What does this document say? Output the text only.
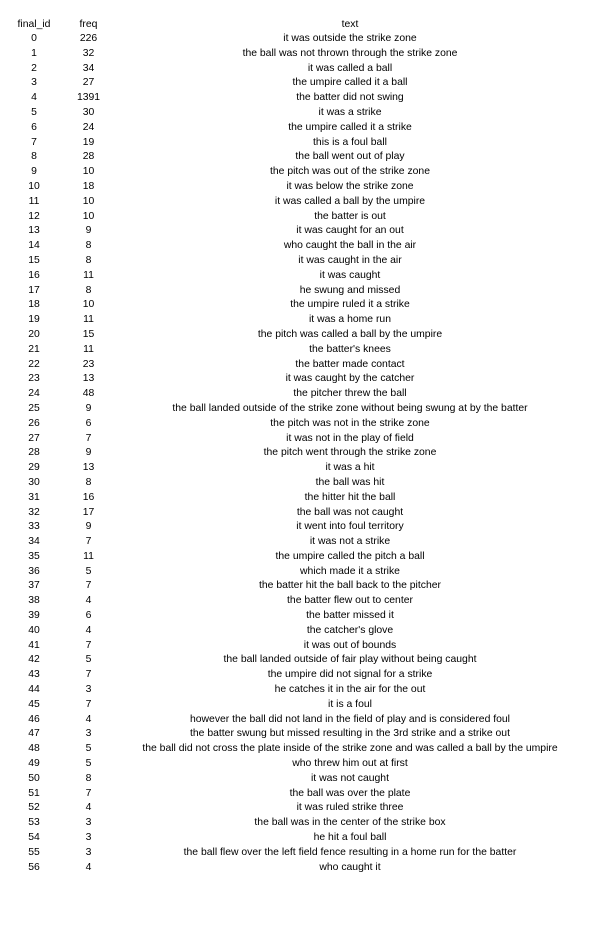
final_id	freq	text
0	226	it was outside the strike zone
1	32	the ball was not thrown through the strike zone
2	34	it was called a ball
3	27	the umpire called it a ball
4	1391	the batter did not swing
5	30	it was a strike
6	24	the umpire called it a strike
7	19	this is a foul ball
8	28	the ball went out of play
9	10	the pitch was out of the strike zone
10	18	it was below the strike zone
11	10	it was called a ball by the umpire
12	10	the batter is out
13	9	it was caught for an out
14	8	who caught the ball in the air
15	8	it was caught in the air
16	11	it was caught
17	8	he swung and missed
18	10	the umpire ruled it a strike
19	11	it was a home run
20	15	the pitch was called a ball by the umpire
21	11	the batter's knees
22	23	the batter made contact
23	13	it was caught by the catcher
24	48	the pitcher threw the ball
25	9	the ball landed outside of the strike zone without being swung at by the batter
26	6	the pitch was not in the strike zone
27	7	it was not in the play of field
28	9	the pitch went through the strike zone
29	13	it was a hit
30	8	the ball was hit
31	16	the hitter hit the ball
32	17	the ball was not caught
33	9	it went into foul territory
34	7	it was not a strike
35	11	the umpire called the pitch a ball
36	5	which made it a strike
37	7	the batter hit the ball back to the pitcher
38	4	the batter flew out to center
39	6	the batter missed it
40	4	the catcher's glove
41	7	it was out of bounds
42	5	the ball landed outside of fair play without being caught
43	7	the umpire did not signal for a strike
44	3	he catches it in the air for the out
45	7	it is a foul
46	4	however the ball did not land in the field of play and is considered foul
47	3	the batter swung but missed resulting in the 3rd strike and a strike out
48	5	the ball did not cross the plate inside of the strike zone and was called a ball by the umpire
49	5	who threw him out at first
50	8	it was not caught
51	7	the ball was over the plate
52	4	it was ruled strike three
53	3	the ball was in the center of the strike box
54	3	he hit a foul ball
55	3	the ball flew over the left field fence resulting in a home run for the batter
56	4	who caught it
